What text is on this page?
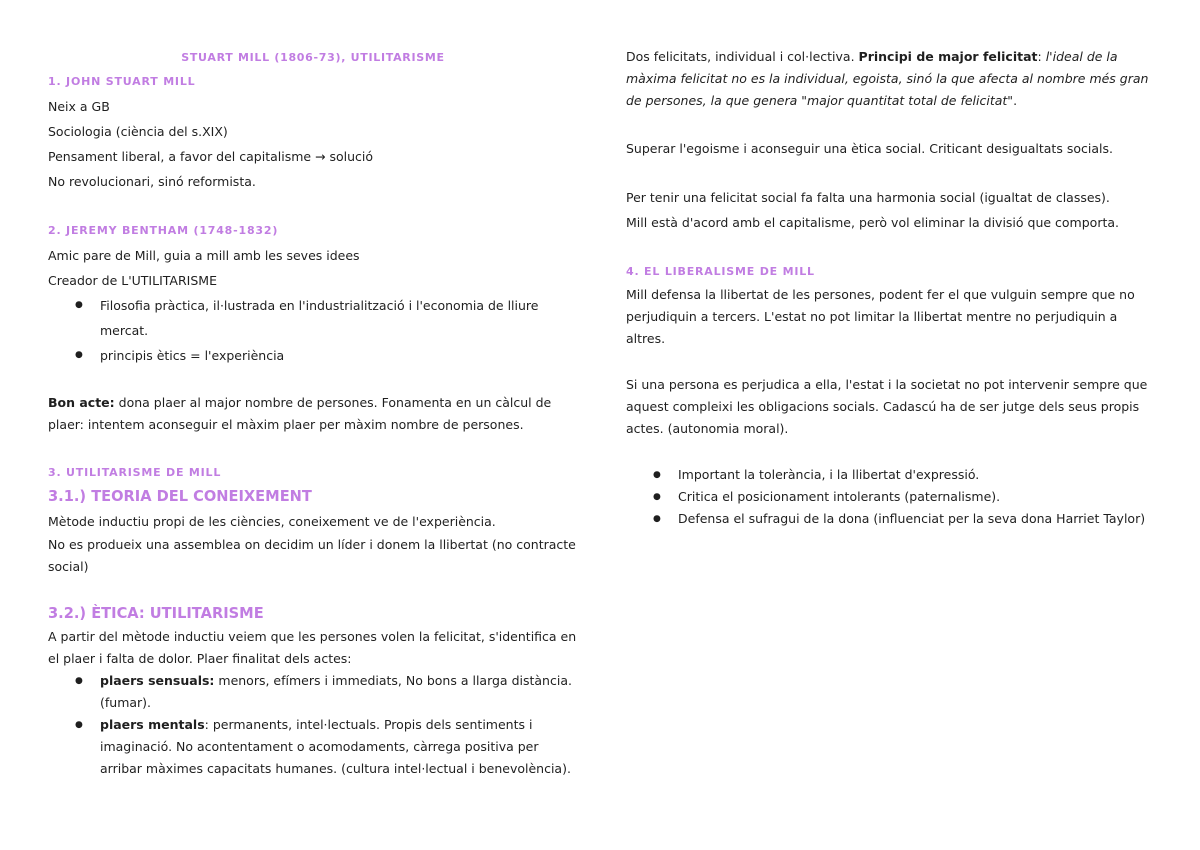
STUART MILL (1806-73), UTILITARISME
1. JOHN STUART MILL

Neix a GB

Sociologia (ciència del s.XIX)

Pensament liberal, a favor del capitalisme → solució

No revolucionari, sinó reformista.

2. JEREMY BENTHAM (1748-1832)

Amic pare de Mill, guia a mill amb les seves idees

Creador de L'UTILITARISME

● Filosofia pràctica, il·lustrada en l'industrialització i l'economia de lliure mercat.
● principis ètics = l'experiència

Bon acte: dona plaer al major nombre de persones. Fonamenta en un càlcul de plaer: intentem aconseguir el màxim plaer per màxim nombre de persones.

3. UTILITARISME DE MILL
3.1.) TEORIA DEL CONEIXEMENT

Mètode inductiu propi de les ciències, coneixement ve de l'experiència.

No es produeix una assemblea on decidim un líder i donem la llibertat (no contracte social)

3.2.) ÈTICA: UTILITARISME

A partir del mètode inductiu veiem que les persones volen la felicitat, s'identifica en el plaer i falta de dolor. Plaer finalitat dels actes:

● plaers sensuals: menors, efímers i immediats, No bons a llarga distància. (fumar).
● plaers mentals: permanents, intel·lectuals. Propis dels sentiments i imaginació. No acontentament o acomodaments, càrrega positiva per arribar màximes capacitats humanes. (cultura intel·lectual i benevolència).

Dos felicitats, individual i col·lectiva. Principi de major felicitat: l'ideal de la màxima felicitat no es la individual, egoista, sinó la que afecta al nombre més gran de persones, la que genera "major quantitat total de felicitat".

Superar l'egoisme i aconseguir una ètica social. Criticant desigualtats socials.

Per tenir una felicitat social fa falta una harmonia social (igualtat de classes).

Mill està d'acord amb el capitalisme, però vol eliminar la divisió que comporta.

4. EL LIBERALISME DE MILL

Mill defensa la llibertat de les persones, podent fer el que vulguin sempre que no perjudiquin a tercers. L'estat no pot limitar la llibertat mentre no perjudiquin a altres.

Si una persona es perjudica a ella, l'estat i la societat no pot intervenir sempre que aquest compleixi les obligacions socials. Cadascú ha de ser jutge dels seus propis actes. (autonomia moral).

● Important la tolerància, i la llibertat d'expressió.
● Critica el posicionament intolerants (paternalisme).
● Defensa el sufragui de la dona (influenciat per la seva dona Harriet Taylor)
